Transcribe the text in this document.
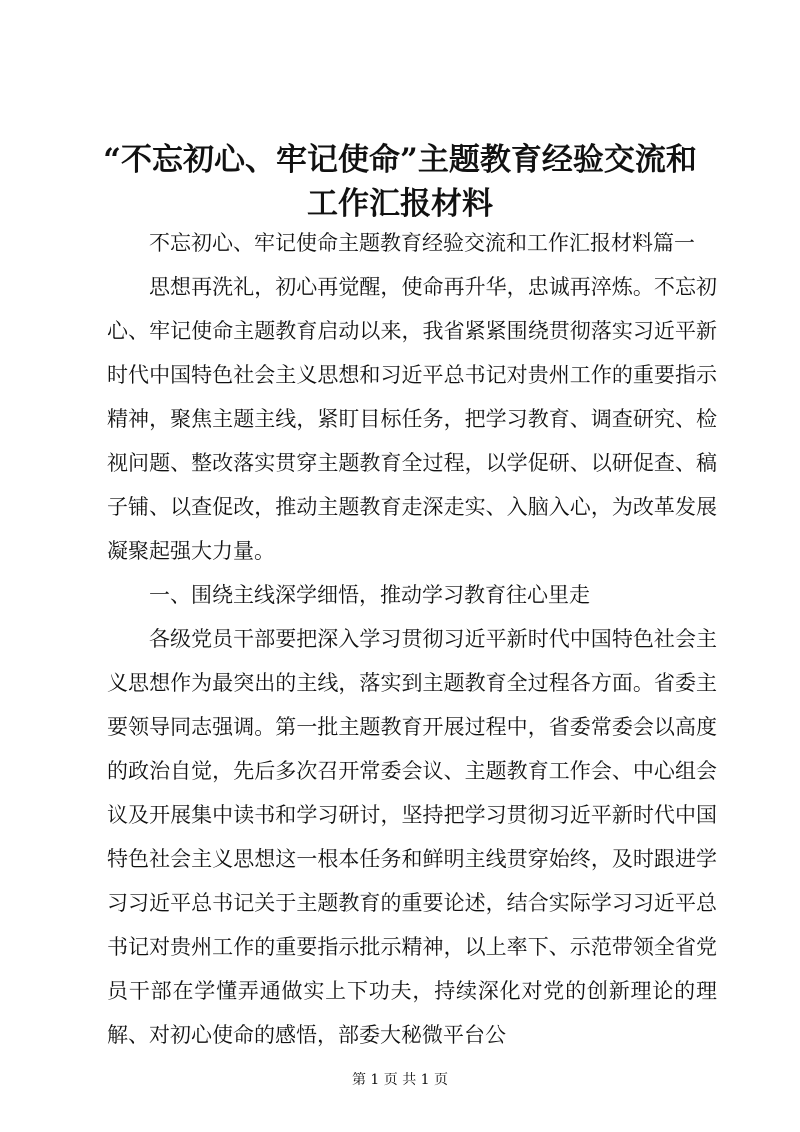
“不忘初心、牢记使命”主题教育经验交流和
工作汇报材料

不忘初心、牢记使命主题教育经验交流和工作汇报材料篇一

思想再洗礼，初心再觉醒，使命再升华，忠诚再淬炼。不忘初心、牢记使命主题教育启动以来，我省紧紧围绕贯彻落实习近平新时代中国特色社会主义思想和习近平总书记对贵州工作的重要指示精神，聚焦主题主线，紧盯目标任务，把学习教育、调查研究、检视问题、整改落实贯穿主题教育全过程，以学促研、以研促查、稿子铺、以查促改，推动主题教育走深走实、入脑入心，为改革发展凝聚起强大力量。

一、围绕主线深学细悟，推动学习教育往心里走

各级党员干部要把深入学习贯彻习近平新时代中国特色社会主义思想作为最突出的主线，落实到主题教育全过程各方面。省委主要领导同志强调。第一批主题教育开展过程中，省委常委会以高度的政治自觉，先后多次召开常委会议、主题教育工作会、中心组会议及开展集中读书和学习研讨，坚持把学习贯彻习近平新时代中国特色社会主义思想这一根本任务和鲜明主线贯穿始终，及时跟进学习习近平总书记关于主题教育的重要论述，结合实际学习习近平总书记对贵州工作的重要指示批示精神，以上率下、示范带领全省党员干部在学懂弄通做实上下功夫，持续深化对党的创新理论的理解、对初心使命的感悟，部委大秘微平台公

第 1 页 共 1 页
